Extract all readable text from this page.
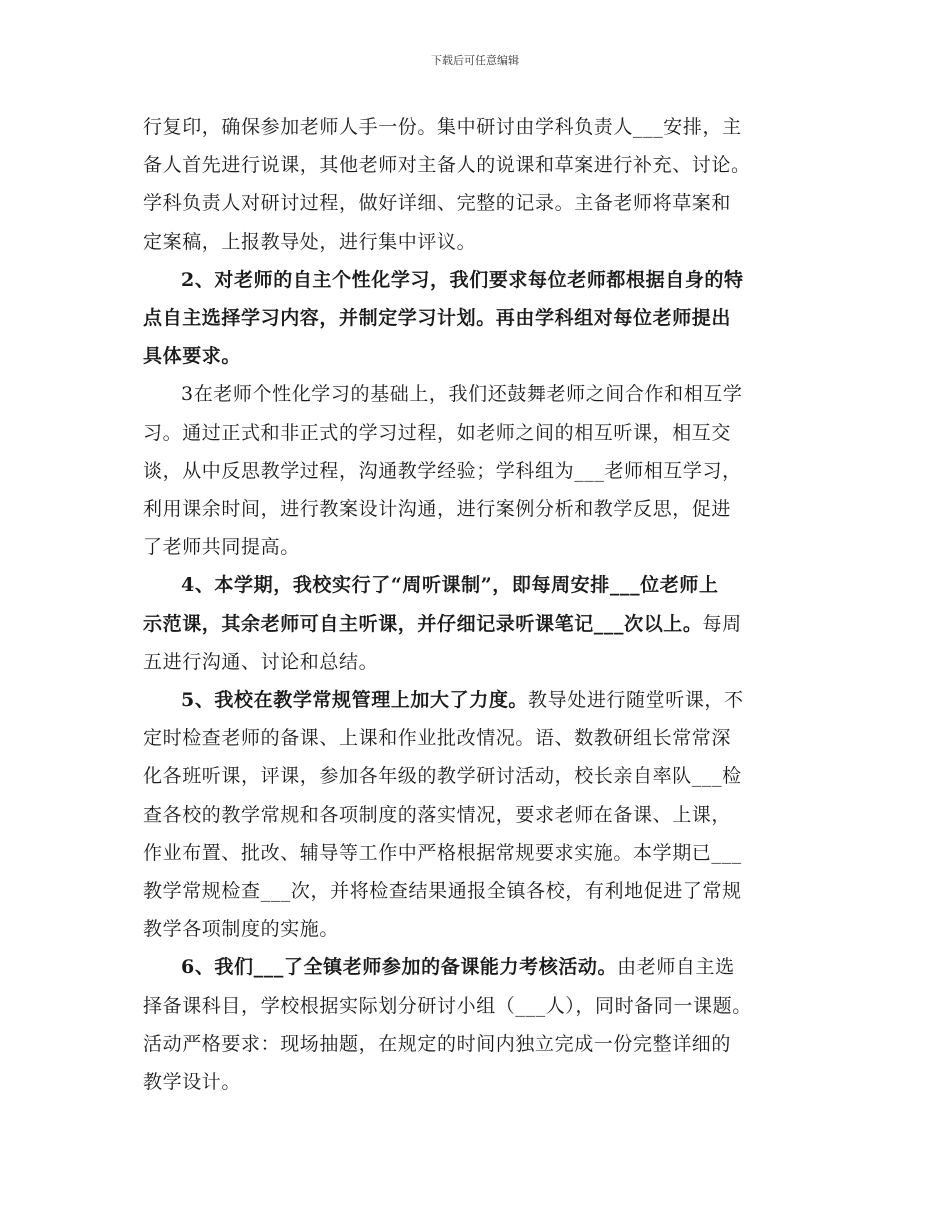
下载后可任意编辑

行复印，确保参加老师人手一份。集中研讨由学科负责人___安排，主
备人首先进行说课，其他老师对主备人的说课和草案进行补充、讨论。
学科负责人对研讨过程，做好详细、完整的记录。主备老师将草案和
定案稿，上报教导处，进行集中评议。

2、对老师的自主个性化学习，我们要求每位老师都根据自身的特
点自主选择学习内容，并制定学习计划。再由学科组对每位老师提出
具体要求。

3在老师个性化学习的基础上，我们还鼓舞老师之间合作和相互学
习。通过正式和非正式的学习过程，如老师之间的相互听课，相互交
谈，从中反思教学过程，沟通教学经验；学科组为___老师相互学习，
利用课余时间，进行教案设计沟通，进行案例分析和教学反思，促进
了老师共同提高。

4、本学期，我校实行了“周听课制”，即每周安排___位老师上
示范课，其余老师可自主听课，并仔细记录听课笔记___次以上。每周
五进行沟通、讨论和总结。

5、我校在教学常规管理上加大了力度。教导处进行随堂听课，不
定时检查老师的备课、上课和作业批改情况。语、数教研组长常常深
化各班听课，评课，参加各年级的教学研讨活动，校长亲自率队___检
查各校的教学常规和各项制度的落实情况，要求老师在备课、上课，
作业布置、批改、辅导等工作中严格根据常规要求实施。本学期已___
教学常规检查___次，并将检查结果通报全镇各校，有利地促进了常规
教学各项制度的实施。

6、我们___了全镇老师参加的备课能力考核活动。由老师自主选
择备课科目，学校根据实际划分研讨小组（___人），同时备同一课题。
活动严格要求：现场抽题，在规定的时间内独立完成一份完整详细的
教学设计。
